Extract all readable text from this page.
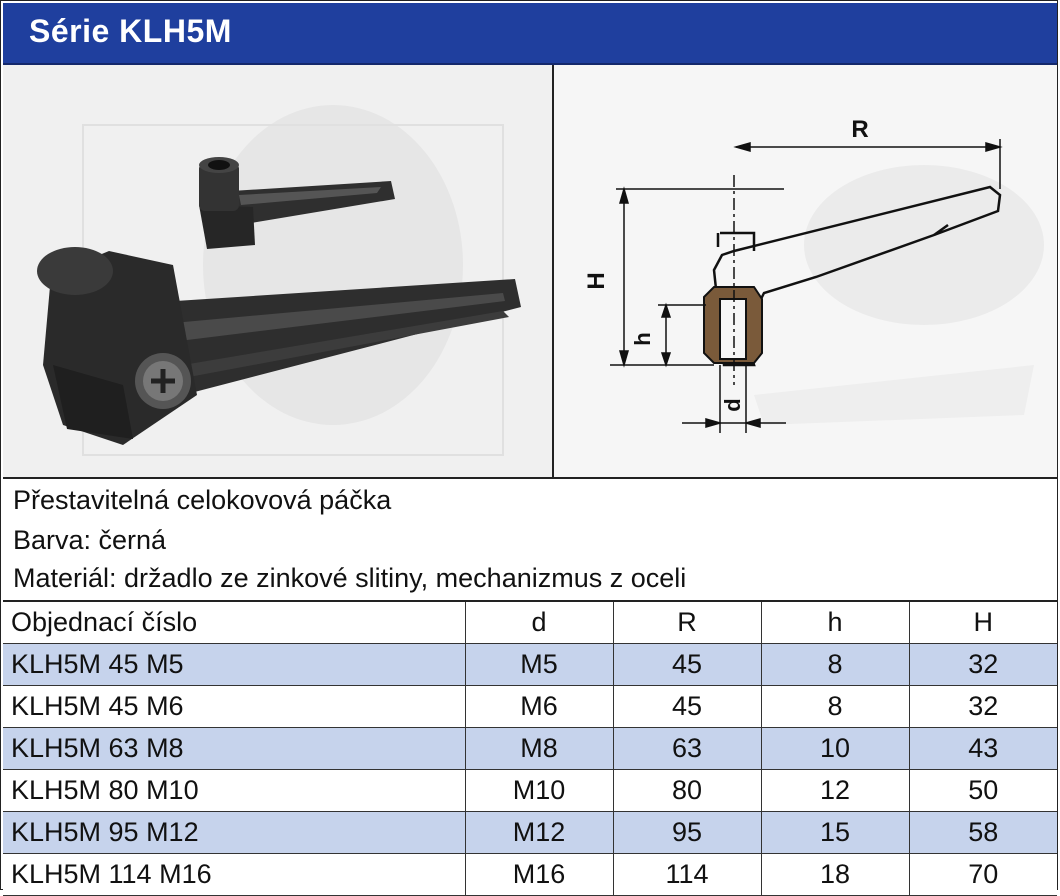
Série KLH5M
R
H
h
d
Přestavitelná celokovová páčka
Barva: černá
Materiál: držadlo ze zinkové slitiny, mechanizmus z oceli
Objednací číslo	d	R	h	H
KLH5M 45 M5	M5	45	8	32
KLH5M 45 M6	M6	45	8	32
KLH5M 63 M8	M8	63	10	43
KLH5M 80 M10	M10	80	12	50
KLH5M 95 M12	M12	95	15	58
KLH5M 114 M16	M16	114	18	70
